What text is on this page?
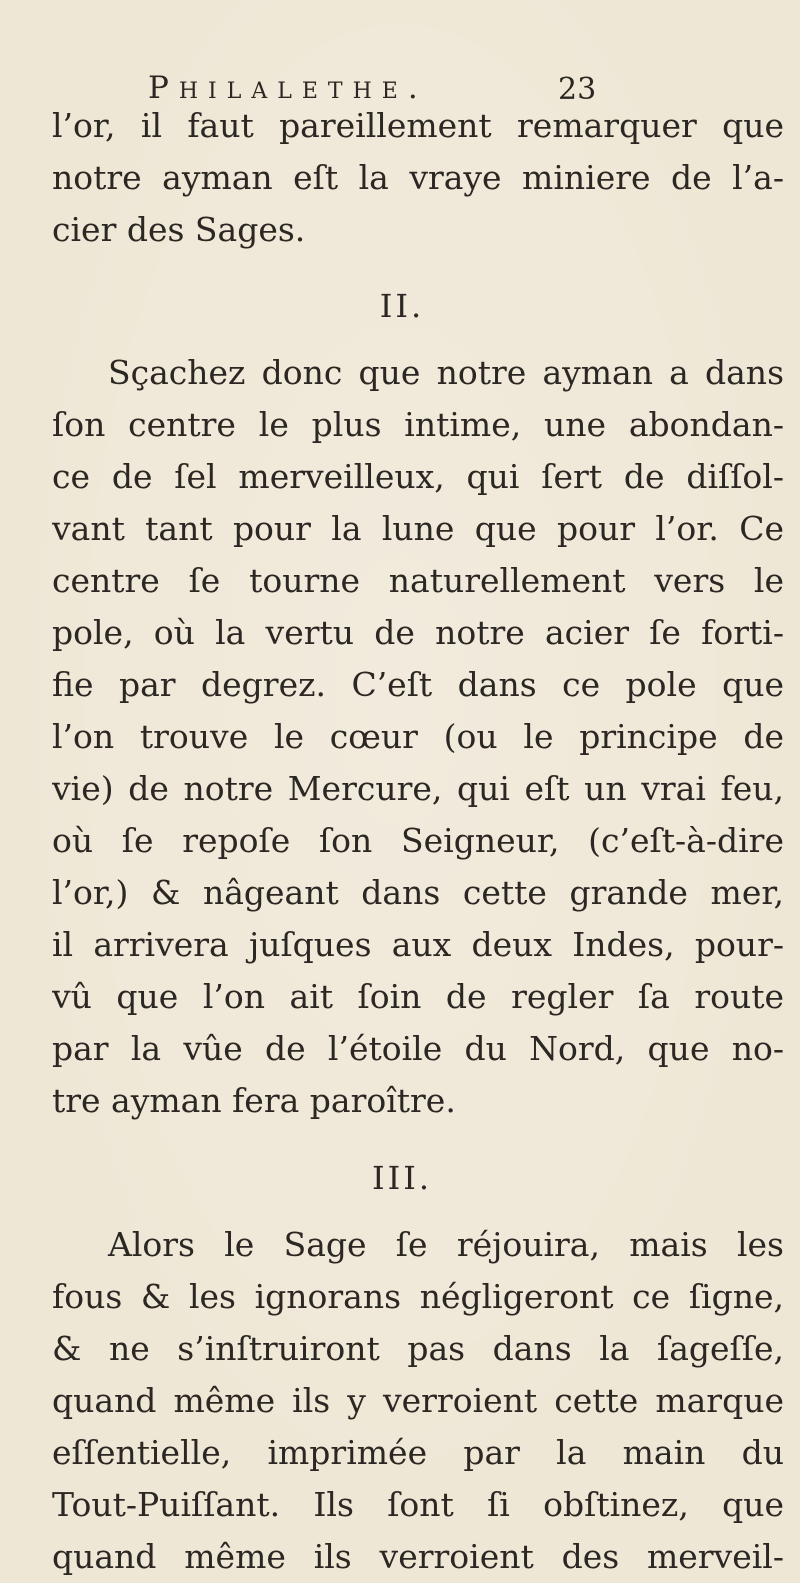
Philalethe.	23
l’or, il faut pareillement remarquer que
notre ayman eſt la vraye miniere de l’a-
cier des Sages.
II.
Sçachez donc que notre ayman a dans
ſon centre le plus intime, une abondan-
ce de ſel merveilleux, qui ſert de diſſol-
vant tant pour la lune que pour l’or. Ce
centre ſe tourne naturellement vers le
pole, où la vertu de notre acier ſe forti-
fie par degrez. C’eſt dans ce pole que
l’on trouve le cœur (ou le principe de
vie) de notre Mercure, qui eſt un vrai feu,
où ſe repoſe ſon Seigneur, (c’eſt-à-dire
l’or,) & nâgeant dans cette grande mer,
il arrivera juſques aux deux Indes, pour-
vû que l’on ait ſoin de regler ſa route
par la vûe de l’étoile du Nord, que no-
tre ayman fera paroître.
III.
Alors le Sage ſe réjouira, mais les
fous & les ignorans négligeront ce ſigne,
& ne s’inſtruiront pas dans la ſageſſe,
quand même ils y verroient cette marque
eſſentielle, imprimée par la main du
Tout-Puiſſant. Ils ſont ſi obſtinez, que
quand même ils verroient des merveil-
